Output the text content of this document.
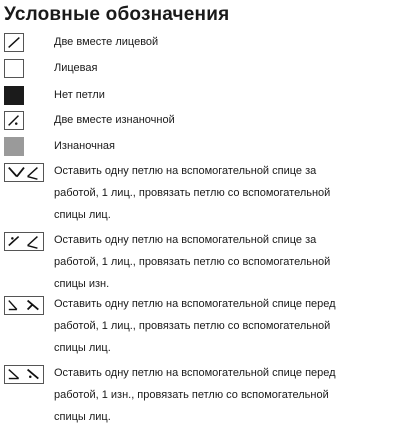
Условные обозначения
Две вместе лицевой
Лицевая
Нет петли
Две вместе изнаночной
Изнаночная
Оставить одну петлю на вспомогательной спице за
работой, 1 лиц., провязать петлю со вспомогательной
спицы лиц.
Оставить одну петлю на вспомогательной спице за
работой, 1 лиц., провязать петлю со вспомогательной
спицы изн.
Оставить одну петлю на вспомогательной спице перед
работой, 1 лиц., провязать петлю со вспомогательной
спицы лиц.
Оставить одну петлю на вспомогательной спице перед
работой, 1 изн., провязать петлю со вспомогательной
спицы лиц.
